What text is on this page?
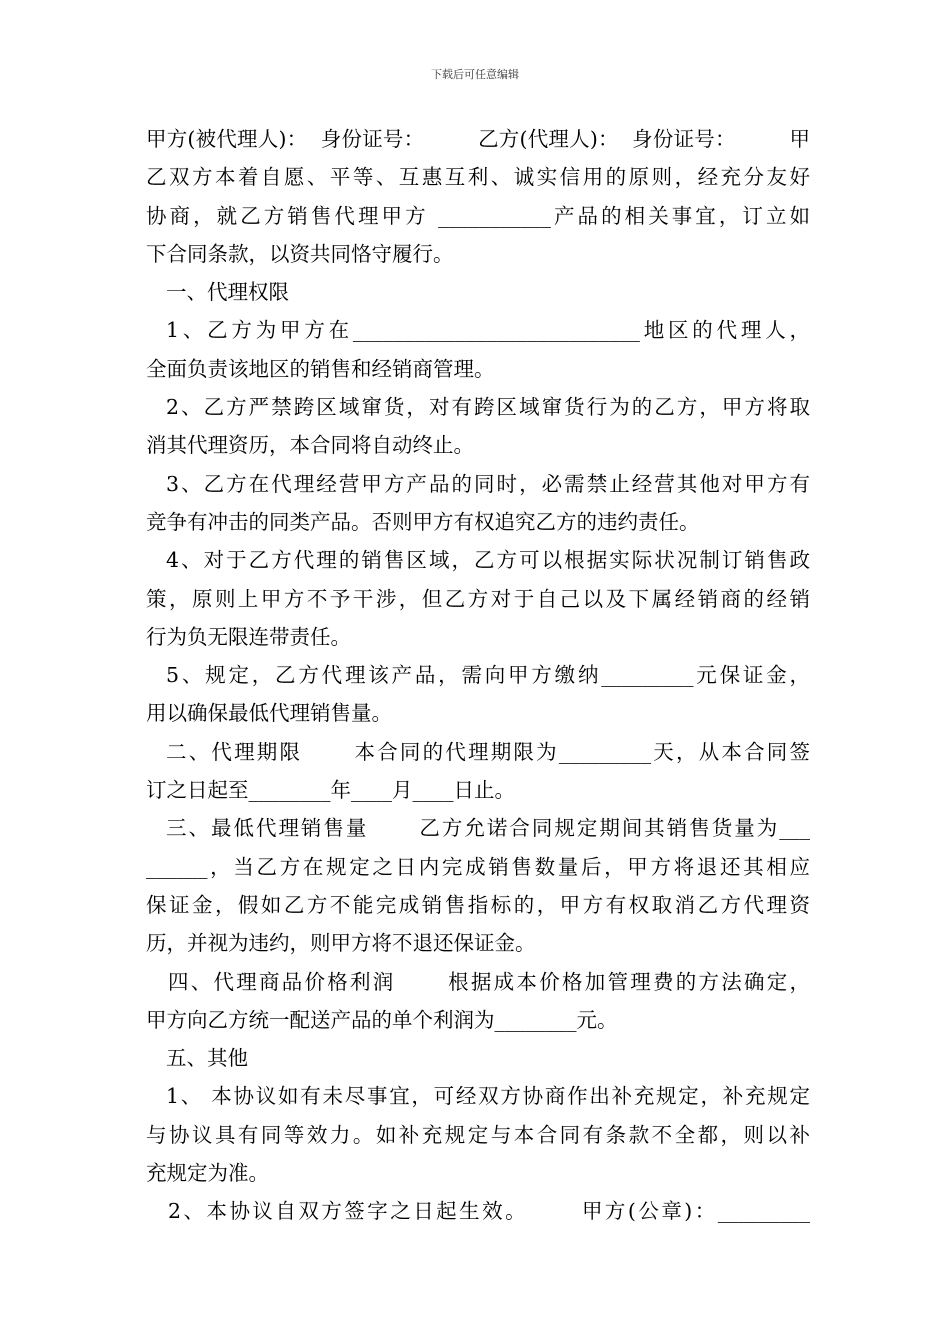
下载后可任意编辑
甲方(被代理人)：  身份证号：        乙方(代理人)：  身份证号：        甲
乙双方本着自愿、平等、互惠互利、诚实信用的原则，经充分友好
协商，就乙方销售代理甲方 ___________产品的相关事宜，订立如
下合同条款，以资共同恪守履行。
一、代理权限
1、乙方为甲方在____________________________地区的代理人，
全面负责该地区的销售和经销商管理。
2、乙方严禁跨区域窜货，对有跨区域窜货行为的乙方，甲方将取
消其代理资历，本合同将自动终止。
3、乙方在代理经营甲方产品的同时，必需禁止经营其他对甲方有
竞争有冲击的同类产品。否则甲方有权追究乙方的违约责任。
4、对于乙方代理的销售区域，乙方可以根据实际状况制订销售政
策，原则上甲方不予干涉，但乙方对于自己以及下属经销商的经销
行为负无限连带责任。
5、规定，乙方代理该产品，需向甲方缴纳_________元保证金，
用以确保最低代理销售量。
二、代理期限      本合同的代理期限为_________天，从本合同签
订之日起至________年____月____日止。
三、最低代理销售量      乙方允诺合同规定期间其销售货量为___
______，当乙方在规定之日内完成销售数量后，甲方将退还其相应
保证金，假如乙方不能完成销售指标的，甲方有权取消乙方代理资
历，并视为违约，则甲方将不退还保证金。
四、代理商品价格利润      根据成本价格加管理费的方法确定，
甲方向乙方统一配送产品的单个利润为________元。
五、其他
1、 本协议如有未尽事宜，可经双方协商作出补充规定，补充规定
与协议具有同等效力。如补充规定与本合同有条款不全都，则以补
充规定为准。
2、本协议自双方签字之日起生效。      甲方(公章)：_________
